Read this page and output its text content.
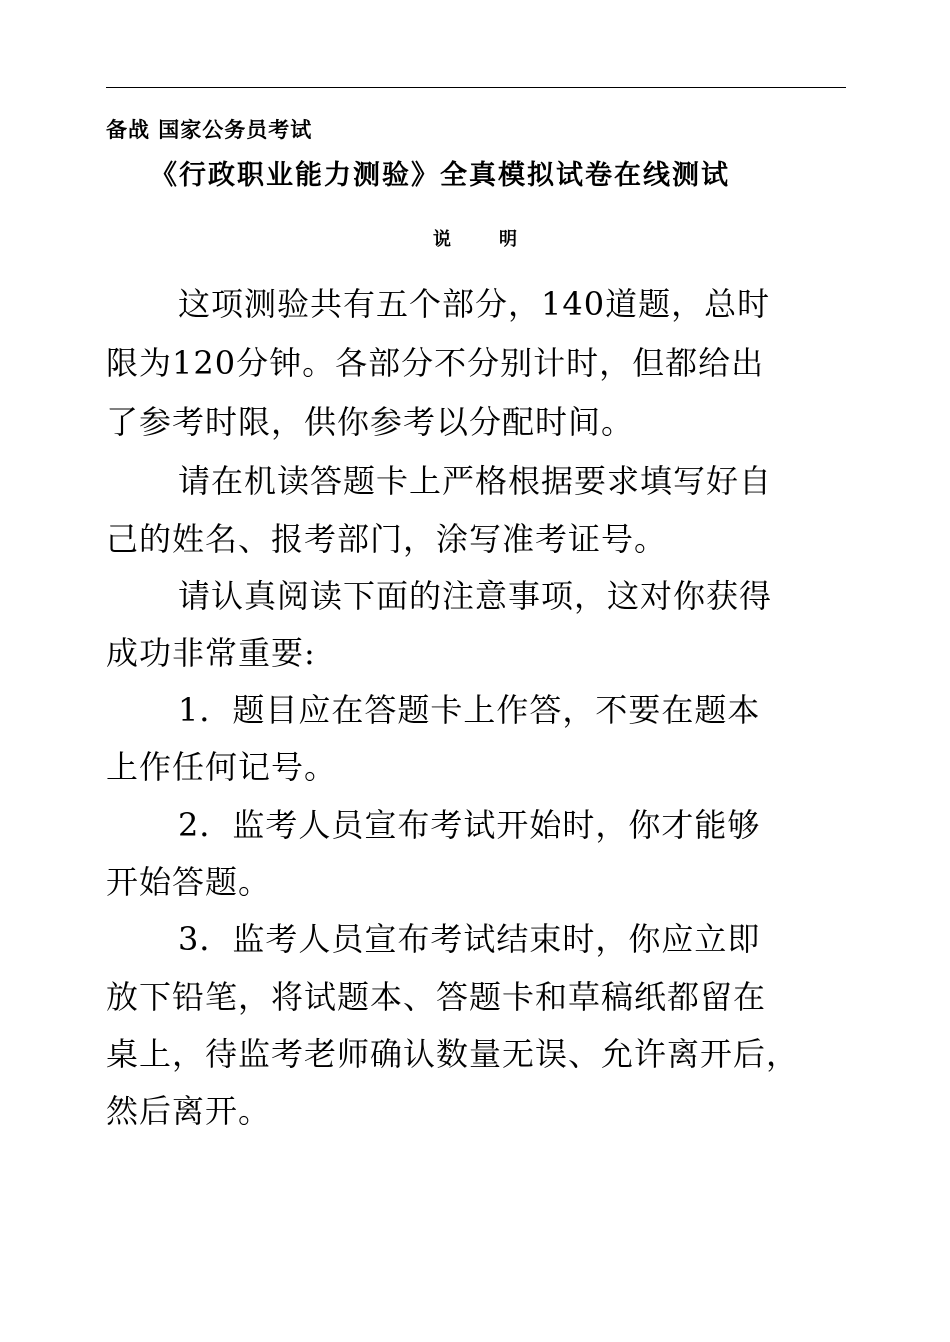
备战 国家公务员考试
《行政职业能力测验》全真模拟试卷在线测试
说	明
这项测验共有五个部分，140道题，总时
限为120分钟。各部分不分别计时，但都给出
了参考时限，供你参考以分配时间。
请在机读答题卡上严格根据要求填写好自
己的姓名、报考部门，涂写准考证号。
请认真阅读下面的注意事项，这对你获得
成功非常重要:
1．题目应在答题卡上作答，不要在题本
上作任何记号。
2．监考人员宣布考试开始时，你才能够
开始答题。
3．监考人员宣布考试结束时，你应立即
放下铅笔，将试题本、答题卡和草稿纸都留在
桌上，待监考老师确认数量无误、允许离开后，
然后离开。
